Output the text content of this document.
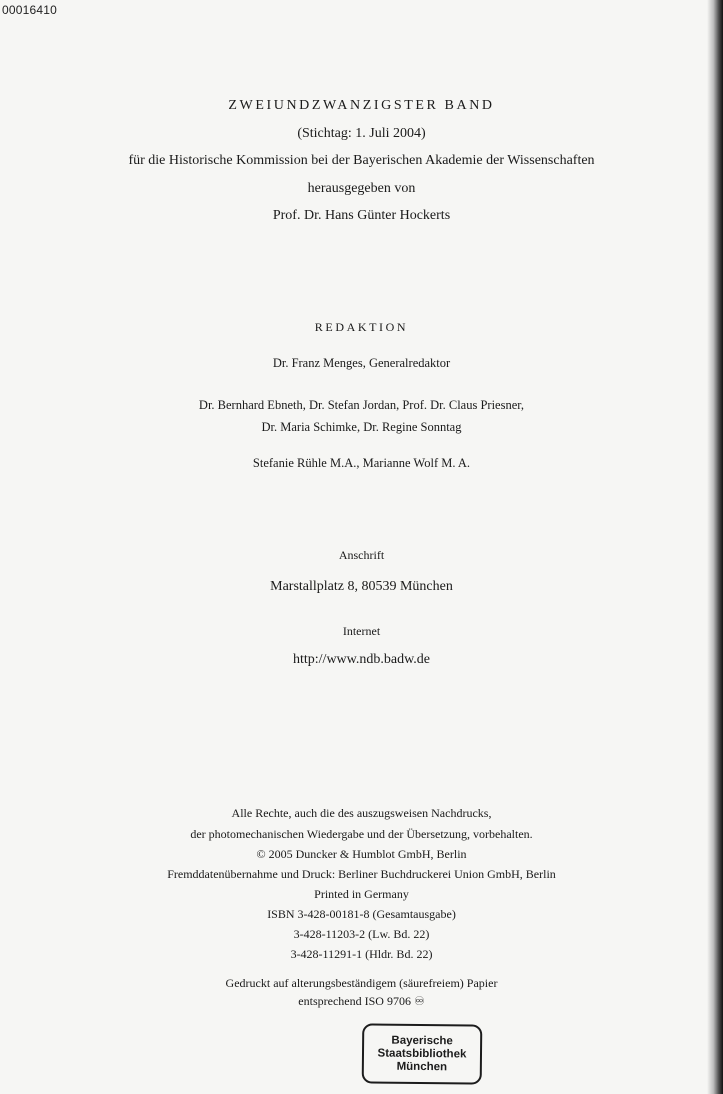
00016410
ZWEIUNDZWANZIGSTER BAND
(Stichtag: 1. Juli 2004)
für die Historische Kommission bei der Bayerischen Akademie der Wissenschaften
herausgegeben von
Prof. Dr. Hans Günter Hockerts
REDAKTION
Dr. Franz Menges, Generalredaktor
Dr. Bernhard Ebneth, Dr. Stefan Jordan, Prof. Dr. Claus Priesner,
Dr. Maria Schimke, Dr. Regine Sonntag
Stefanie Rühle M.A., Marianne Wolf M. A.
Anschrift
Marstallplatz 8, 80539 München
Internet
http://www.ndb.badw.de
Alle Rechte, auch die des auszugsweisen Nachdrucks,
der photomechanischen Wiedergabe und der Übersetzung, vorbehalten.
© 2005 Duncker & Humblot GmbH, Berlin
Fremddatenübernahme und Druck: Berliner Buchdruckerei Union GmbH, Berlin
Printed in Germany
ISBN 3-428-00181-8 (Gesamtausgabe)
3-428-11203-2 (Lw. Bd. 22)
3-428-11291-1 (Hldr. Bd. 22)
Gedruckt auf alterungsbeständigem (säurefreiem) Papier
entsprechend ISO 9706 ♾
Bayerische
Staatsbibliothek
München
